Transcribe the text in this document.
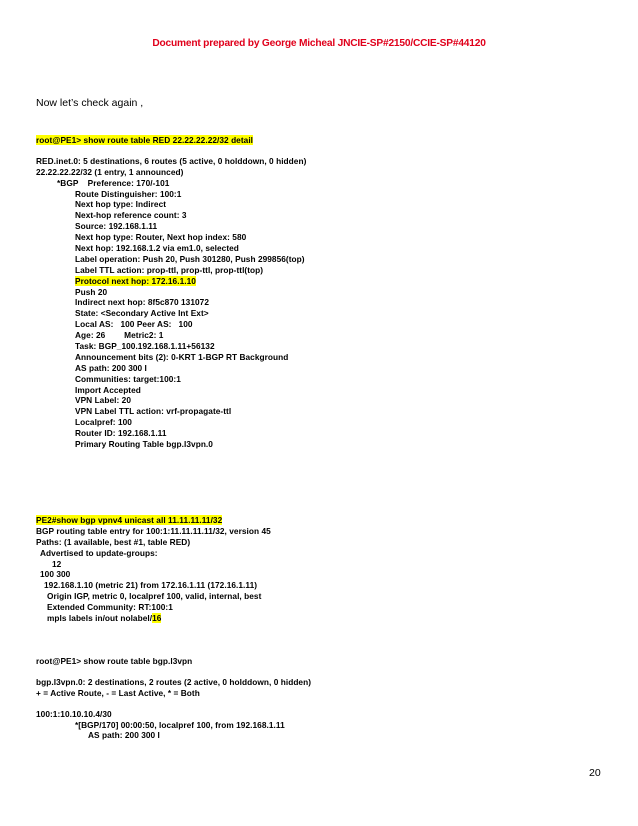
Document prepared by George Micheal JNCIE-SP#2150/CCIE-SP#44120
Now let’s check again ,
root@PE1> show route table RED 22.22.22.22/32 detail
RED.inet.0: 5 destinations, 6 routes (5 active, 0 holddown, 0 hidden)
22.22.22.22/32 (1 entry, 1 announced)
*BGP    Preference: 170/-101
Route Distinguisher: 100:1
Next hop type: Indirect
Next-hop reference count: 3
Source: 192.168.1.11
Next hop type: Router, Next hop index: 580
Next hop: 192.168.1.2 via em1.0, selected
Label operation: Push 20, Push 301280, Push 299856(top)
Label TTL action: prop-ttl, prop-ttl, prop-ttl(top)
Protocol next hop: 172.16.1.10
Push 20
Indirect next hop: 8f5c870 131072
State: <Secondary Active Int Ext>
Local AS:   100 Peer AS:   100
Age: 26        Metric2: 1
Task: BGP_100.192.168.1.11+56132
Announcement bits (2): 0-KRT 1-BGP RT Background
AS path: 200 300 I
Communities: target:100:1
Import Accepted
VPN Label: 20
VPN Label TTL action: vrf-propagate-ttl
Localpref: 100
Router ID: 192.168.1.11
Primary Routing Table bgp.l3vpn.0
PE2#show bgp vpnv4 unicast all 11.11.11.11/32
BGP routing table entry for 100:1:11.11.11.11/32, version 45
Paths: (1 available, best #1, table RED)
Advertised to update-groups:
12
100 300
192.168.1.10 (metric 21) from 172.16.1.11 (172.16.1.11)
Origin IGP, metric 0, localpref 100, valid, internal, best
Extended Community: RT:100:1
mpls labels in/out nolabel/16
root@PE1> show route table bgp.l3vpn
bgp.l3vpn.0: 2 destinations, 2 routes (2 active, 0 holddown, 0 hidden)
+ = Active Route, - = Last Active, * = Both
100:1:10.10.10.4/30
*[BGP/170] 00:00:50, localpref 100, from 192.168.1.11
AS path: 200 300 I
20
